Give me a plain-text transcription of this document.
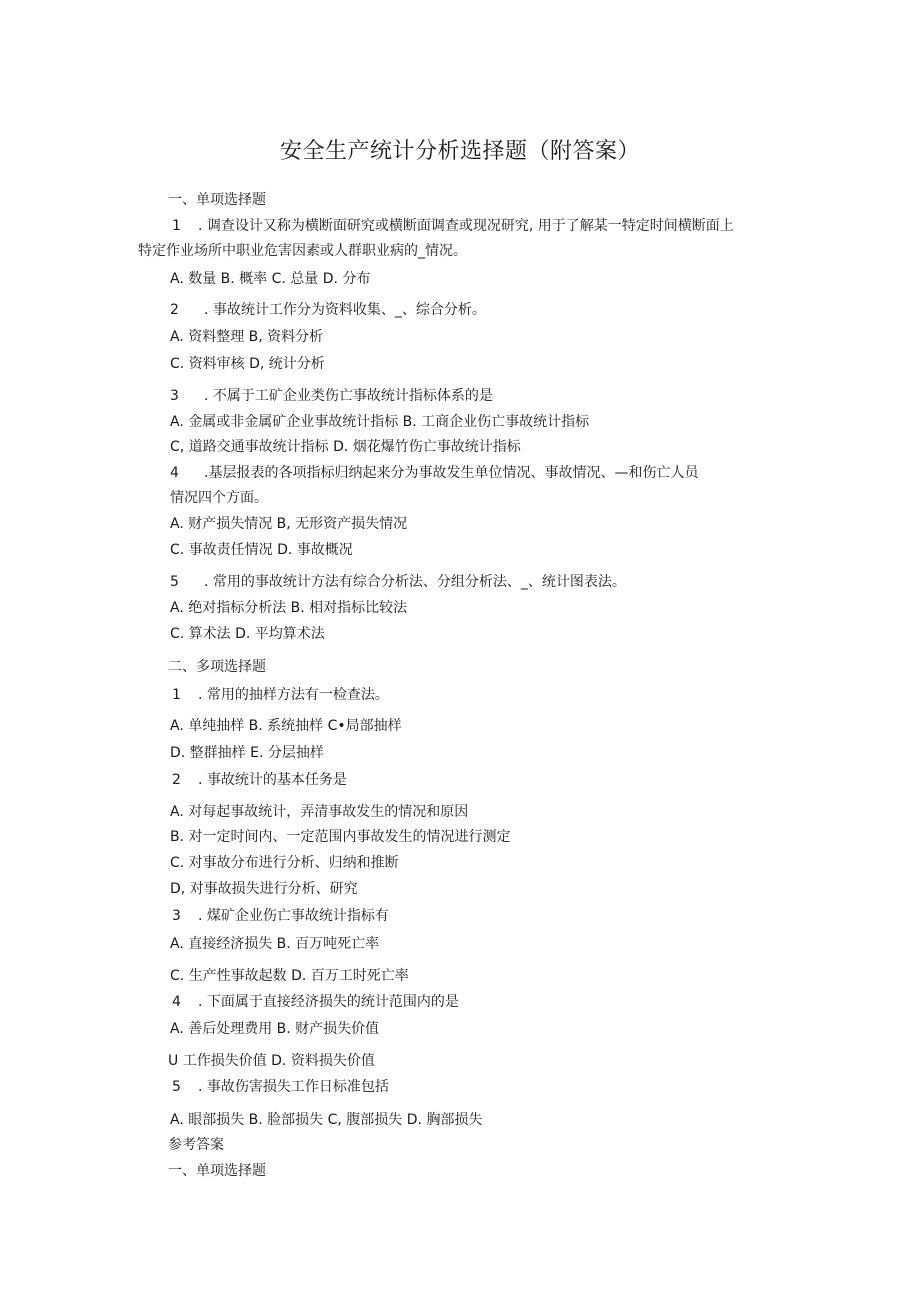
安全生产统计分析选择题（附答案）
一、单项选择题
1 . 调查设计又称为横断面研究或横断面调查或现况研究, 用于了解某一特定时间横断面上
特定作业场所中职业危害因素或人群职业病的_情况。
A. 数量 B. 概率 C. 总量 D. 分布
2 . 事故统计工作分为资料收集、_、综合分析。
A. 资料整理 B, 资料分析
C. 资料审核 D, 统计分析
3 . 不属于工矿企业类伤亡事故统计指标体系的是
A. 金属或非金属矿企业事故统计指标 B. 工商企业伤亡事故统计指标
C, 道路交通事故统计指标 D. 烟花爆竹伤亡事故统计指标
4 .基层报表的各项指标归纳起来分为事故发生单位情况、事故情况、—和伤亡人员
情况四个方面。
A. 财产损失情况 B, 无形资产损失情况
C. 事故责任情况 D. 事故概况
5 . 常用的事故统计方法有综合分析法、分组分析法、_、统计图表法。
A. 绝对指标分析法 B. 相对指标比较法
C. 算术法 D. 平均算术法
二、多项选择题
1 . 常用的抽样方法有一检查法。
A. 单纯抽样 B. 系统抽样 C•局部抽样
D. 整群抽样 E. 分层抽样
2 . 事故统计的基本任务是
A. 对每起事故统计，弄清事故发生的情况和原因
B. 对一定时间内、一定范围内事故发生的情况进行测定
C. 对事故分布进行分析、归纳和推断
D, 对事故损失进行分析、研究
3 . 煤矿企业伤亡事故统计指标有
A. 直接经济损失 B. 百万吨死亡率
C. 生产性事故起数 D. 百万工时死亡率
4 . 下面属于直接经济损失的统计范围内的是
A. 善后处理费用 B. 财产损失价值
U 工作损失价值 D. 资料损失价值
5 . 事故伤害损失工作日标准包括
A. 眼部损失 B. 脸部损失 C, 腹部损失 D. 胸部损失
参考答案
一、单项选择题
